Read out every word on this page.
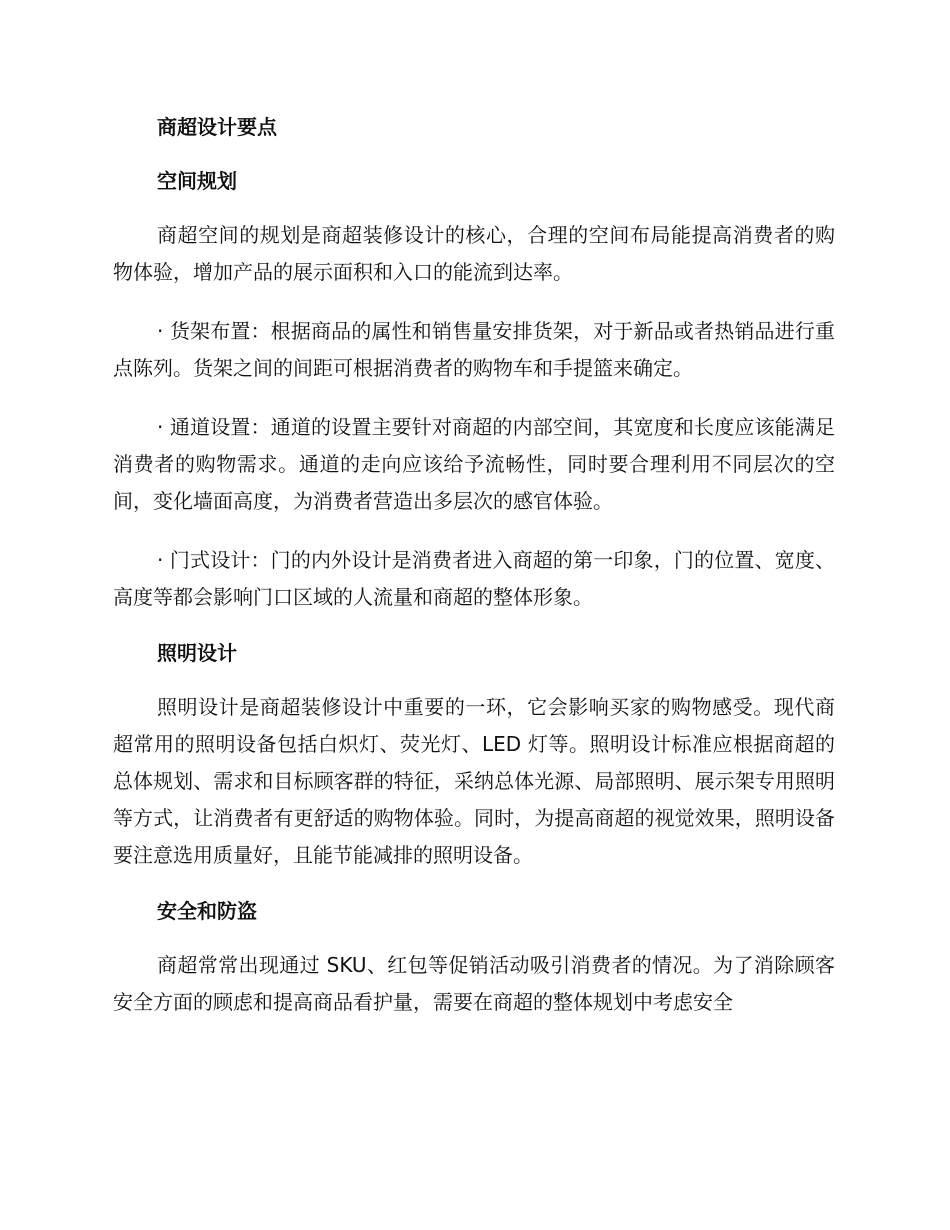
商超设计要点
空间规划

商超空间的规划是商超装修设计的核心，合理的空间布局能提高消费者的购物体验，增加产品的展示面积和入口的能流到达率。

· 货架布置：根据商品的属性和销售量安排货架，对于新品或者热销品进行重点陈列。货架之间的间距可根据消费者的购物车和手提篮来确定。

· 通道设置：通道的设置主要针对商超的内部空间，其宽度和长度应该能满足消费者的购物需求。通道的走向应该给予流畅性，同时要合理利用不同层次的空间，变化墙面高度，为消费者营造出多层次的感官体验。

· 门式设计：门的内外设计是消费者进入商超的第一印象，门的位置、宽度、高度等都会影响门口区域的人流量和商超的整体形象。

照明设计

照明设计是商超装修设计中重要的一环，它会影响买家的购物感受。现代商超常用的照明设备包括白炽灯、荧光灯、LED 灯等。照明设计标准应根据商超的总体规划、需求和目标顾客群的特征，采纳总体光源、局部照明、展示架专用照明等方式，让消费者有更舒适的购物体验。同时，为提高商超的视觉效果，照明设备要注意选用质量好，且能节能减排的照明设备。

安全和防盗

商超常常出现通过 SKU、红包等促销活动吸引消费者的情况。为了消除顾客安全方面的顾虑和提高商品看护量，需要在商超的整体规划中考虑安全
